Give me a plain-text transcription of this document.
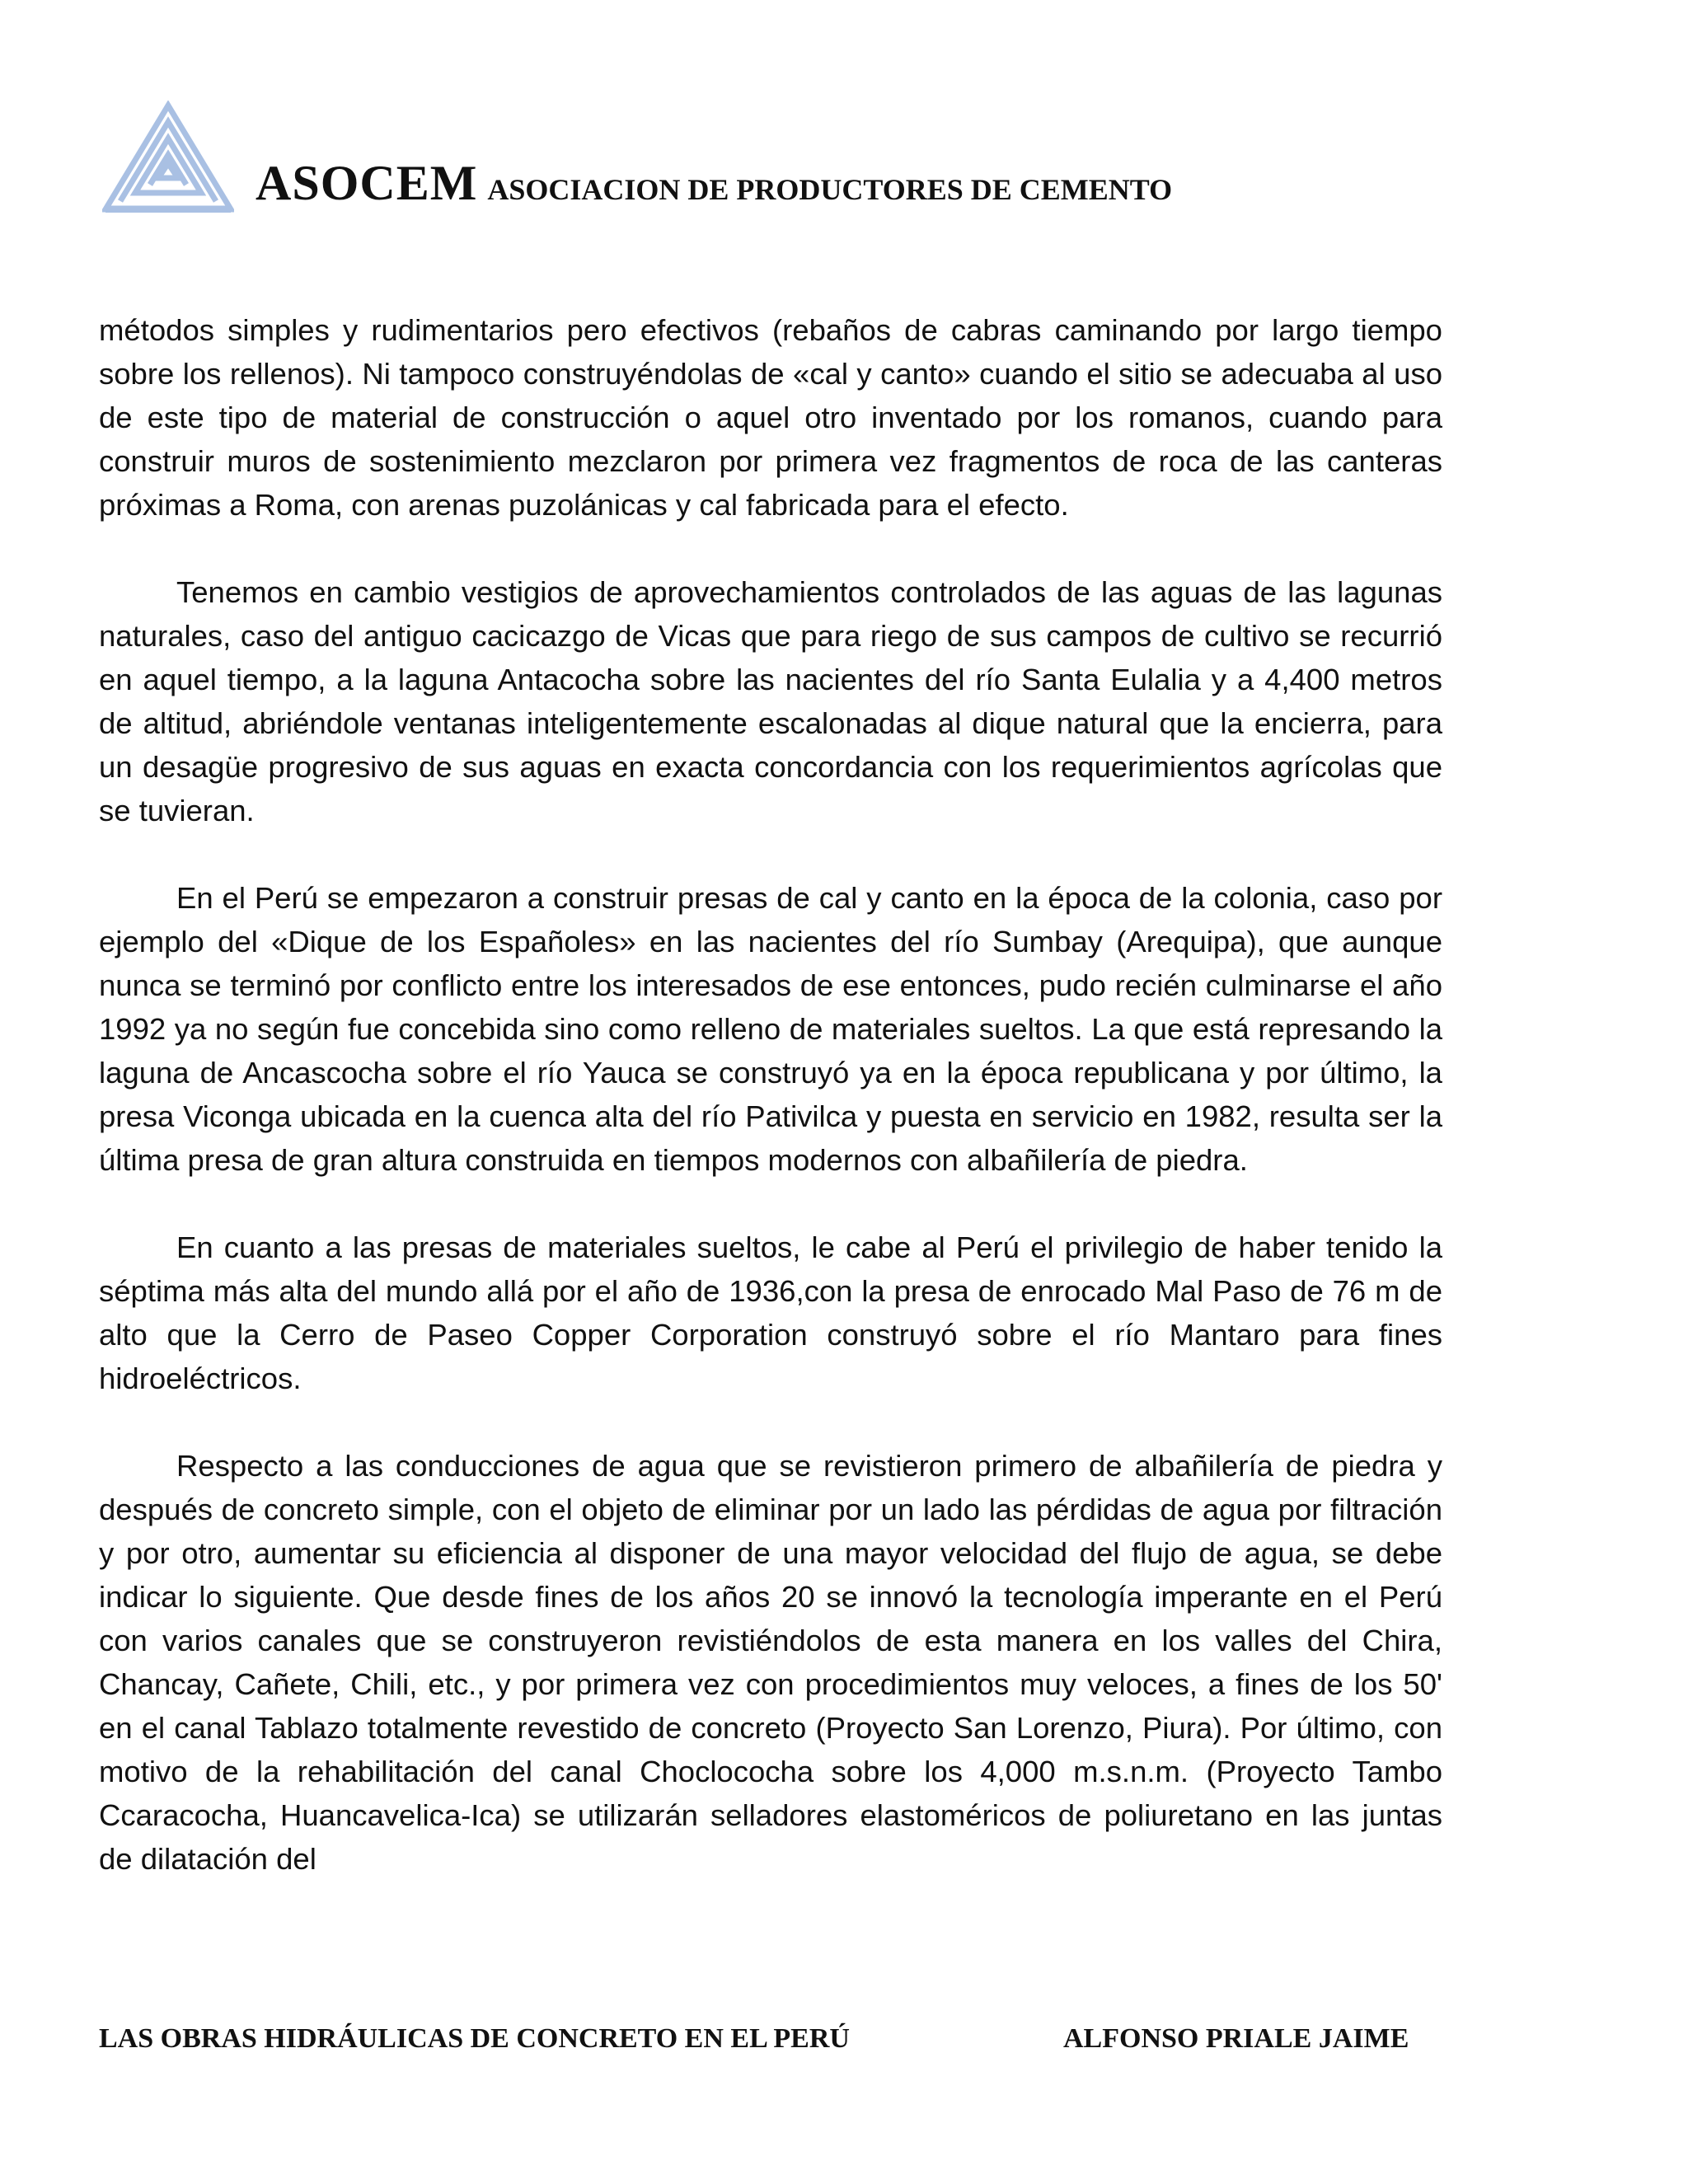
ASOCEM ASOCIACION DE PRODUCTORES DE CEMENTO

métodos simples y rudimentarios pero efectivos (rebaños de cabras caminando por largo tiempo sobre los rellenos). Ni tampoco construyéndolas de «cal y canto» cuando el sitio se adecuaba al uso de este tipo de material de construcción o aquel otro inventado por los romanos, cuando para construir muros de sostenimiento mezclaron por primera vez fragmentos de roca de las canteras próximas a Roma, con arenas puzolánicas y cal fabricada para el efecto.

Tenemos en cambio vestigios de aprovechamientos controlados de las aguas de las lagunas naturales, caso del antiguo cacicazgo de Vicas que para riego de sus campos de cultivo se recurrió en aquel tiempo, a la laguna Antacocha sobre las nacientes del río Santa Eulalia y a 4,400 metros de altitud, abriéndole ventanas inteligentemente escalonadas al dique natural que la encierra, para un desagüe progresivo de sus aguas en exacta concordancia con los requerimientos agrícolas que se tuvieran.

En el Perú se empezaron a construir presas de cal y canto en la época de la colonia, caso por ejemplo del «Dique de los Españoles» en las nacientes del río Sumbay (Arequipa), que aunque nunca se terminó por conflicto entre los interesados de ese entonces, pudo recién culminarse el año 1992 ya no según fue concebida sino como relleno de materiales sueltos. La que está represando la laguna de Ancascocha sobre el río Yauca se construyó ya en la época republicana y por último, la presa Viconga ubicada en la cuenca alta del río Pativilca y puesta en servicio en 1982, resulta ser la última presa de gran altura construida en tiempos modernos con albañilería de piedra.

En cuanto a las presas de materiales sueltos, le cabe al Perú el privilegio de haber tenido la séptima más alta del mundo allá por el año de 1936,con la presa de enrocado Mal Paso de 76 m de alto que la Cerro de Paseo Copper Corporation construyó sobre el río Mantaro para fines hidroeléctricos.

Respecto a las conducciones de agua que se revistieron primero de albañilería de piedra y después de concreto simple, con el objeto de eliminar por un lado las pérdidas de agua por filtración y por otro, aumentar su eficiencia al disponer de una mayor velocidad del flujo de agua, se debe indicar lo siguiente. Que desde fines de los años 20 se innovó la tecnología imperante en el Perú con varios canales que se construyeron revistiéndolos de esta manera en los valles del Chira, Chancay, Cañete, Chili, etc., y por primera vez con procedimientos muy veloces, a fines de los 50' en el canal Tablazo totalmente revestido de concreto (Proyecto San Lorenzo, Piura). Por último, con motivo de la rehabilitación del canal Choclococha sobre los 4,000 m.s.n.m. (Proyecto Tambo Ccaracocha, Huancavelica-Ica) se utilizarán selladores elastoméricos de poliuretano en las juntas de dilatación del

LAS OBRAS HIDRÁULICAS DE CONCRETO EN EL PERÚ	ALFONSO PRIALE JAIME
